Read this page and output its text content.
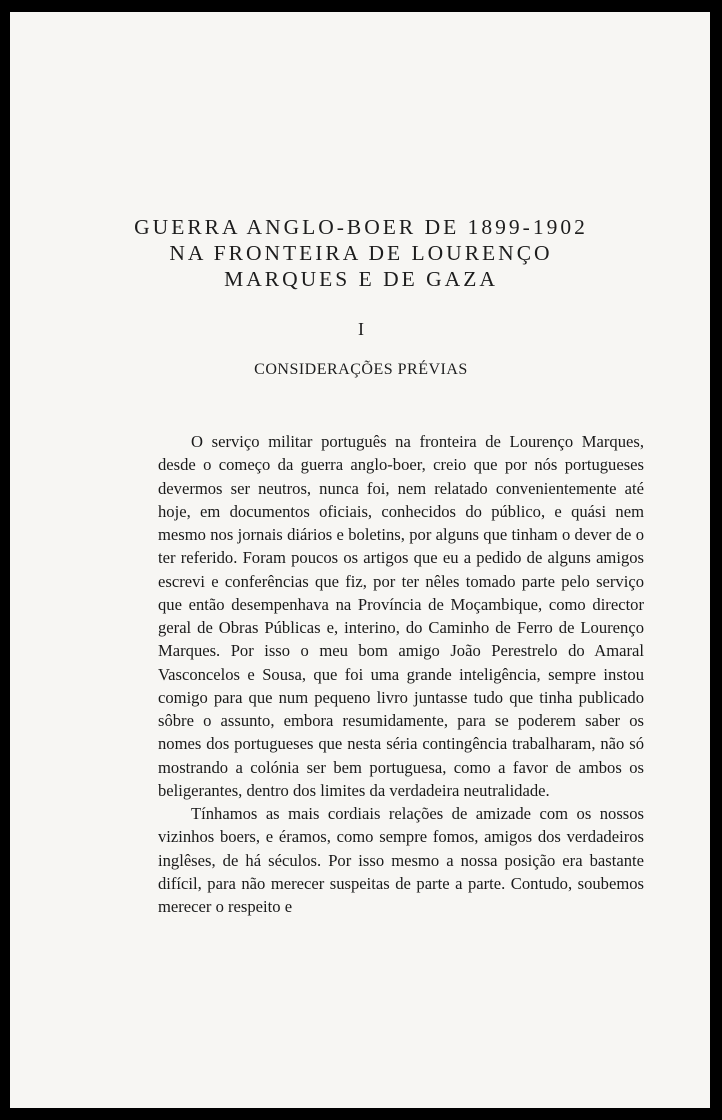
GUERRA ANGLO-BOER DE 1899-1902
NA FRONTEIRA DE LOURENÇO
MARQUES E DE GAZA
I
CONSIDERAÇÕES PRÉVIAS

O serviço militar português na fronteira de Lourenço Marques, desde o começo da guerra anglo-boer, creio que por nós portugueses devermos ser neutros, nunca foi, nem relatado convenientemente até hoje, em documentos oficiais, conhecidos do público, e quási nem mesmo nos jornais diários e boletins, por alguns que tinham o dever de o ter referido. Foram poucos os artigos que eu a pedido de alguns amigos escrevi e conferências que fiz, por ter nêles tomado parte pelo serviço que então desempenhava na Província de Moçambique, como director geral de Obras Públicas e, interino, do Caminho de Ferro de Lourenço Marques. Por isso o meu bom amigo João Perestrelo do Amaral Vasconcelos e Sousa, que foi uma grande inteligência, sempre instou comigo para que num pequeno livro juntasse tudo que tinha publicado sôbre o assunto, embora resumidamente, para se poderem saber os nomes dos portugueses que nesta séria contingência trabalharam, não só mostrando a colónia ser bem portuguesa, como a favor de ambos os beligerantes, dentro dos limites da verdadeira neutralidade.

Tínhamos as mais cordiais relações de amizade com os nossos vizinhos boers, e éramos, como sempre fomos, amigos dos verdadeiros inglêses, de há séculos. Por isso mesmo a nossa posição era bastante difícil, para não merecer suspeitas de parte a parte. Contudo, soubemos merecer o respeito e
